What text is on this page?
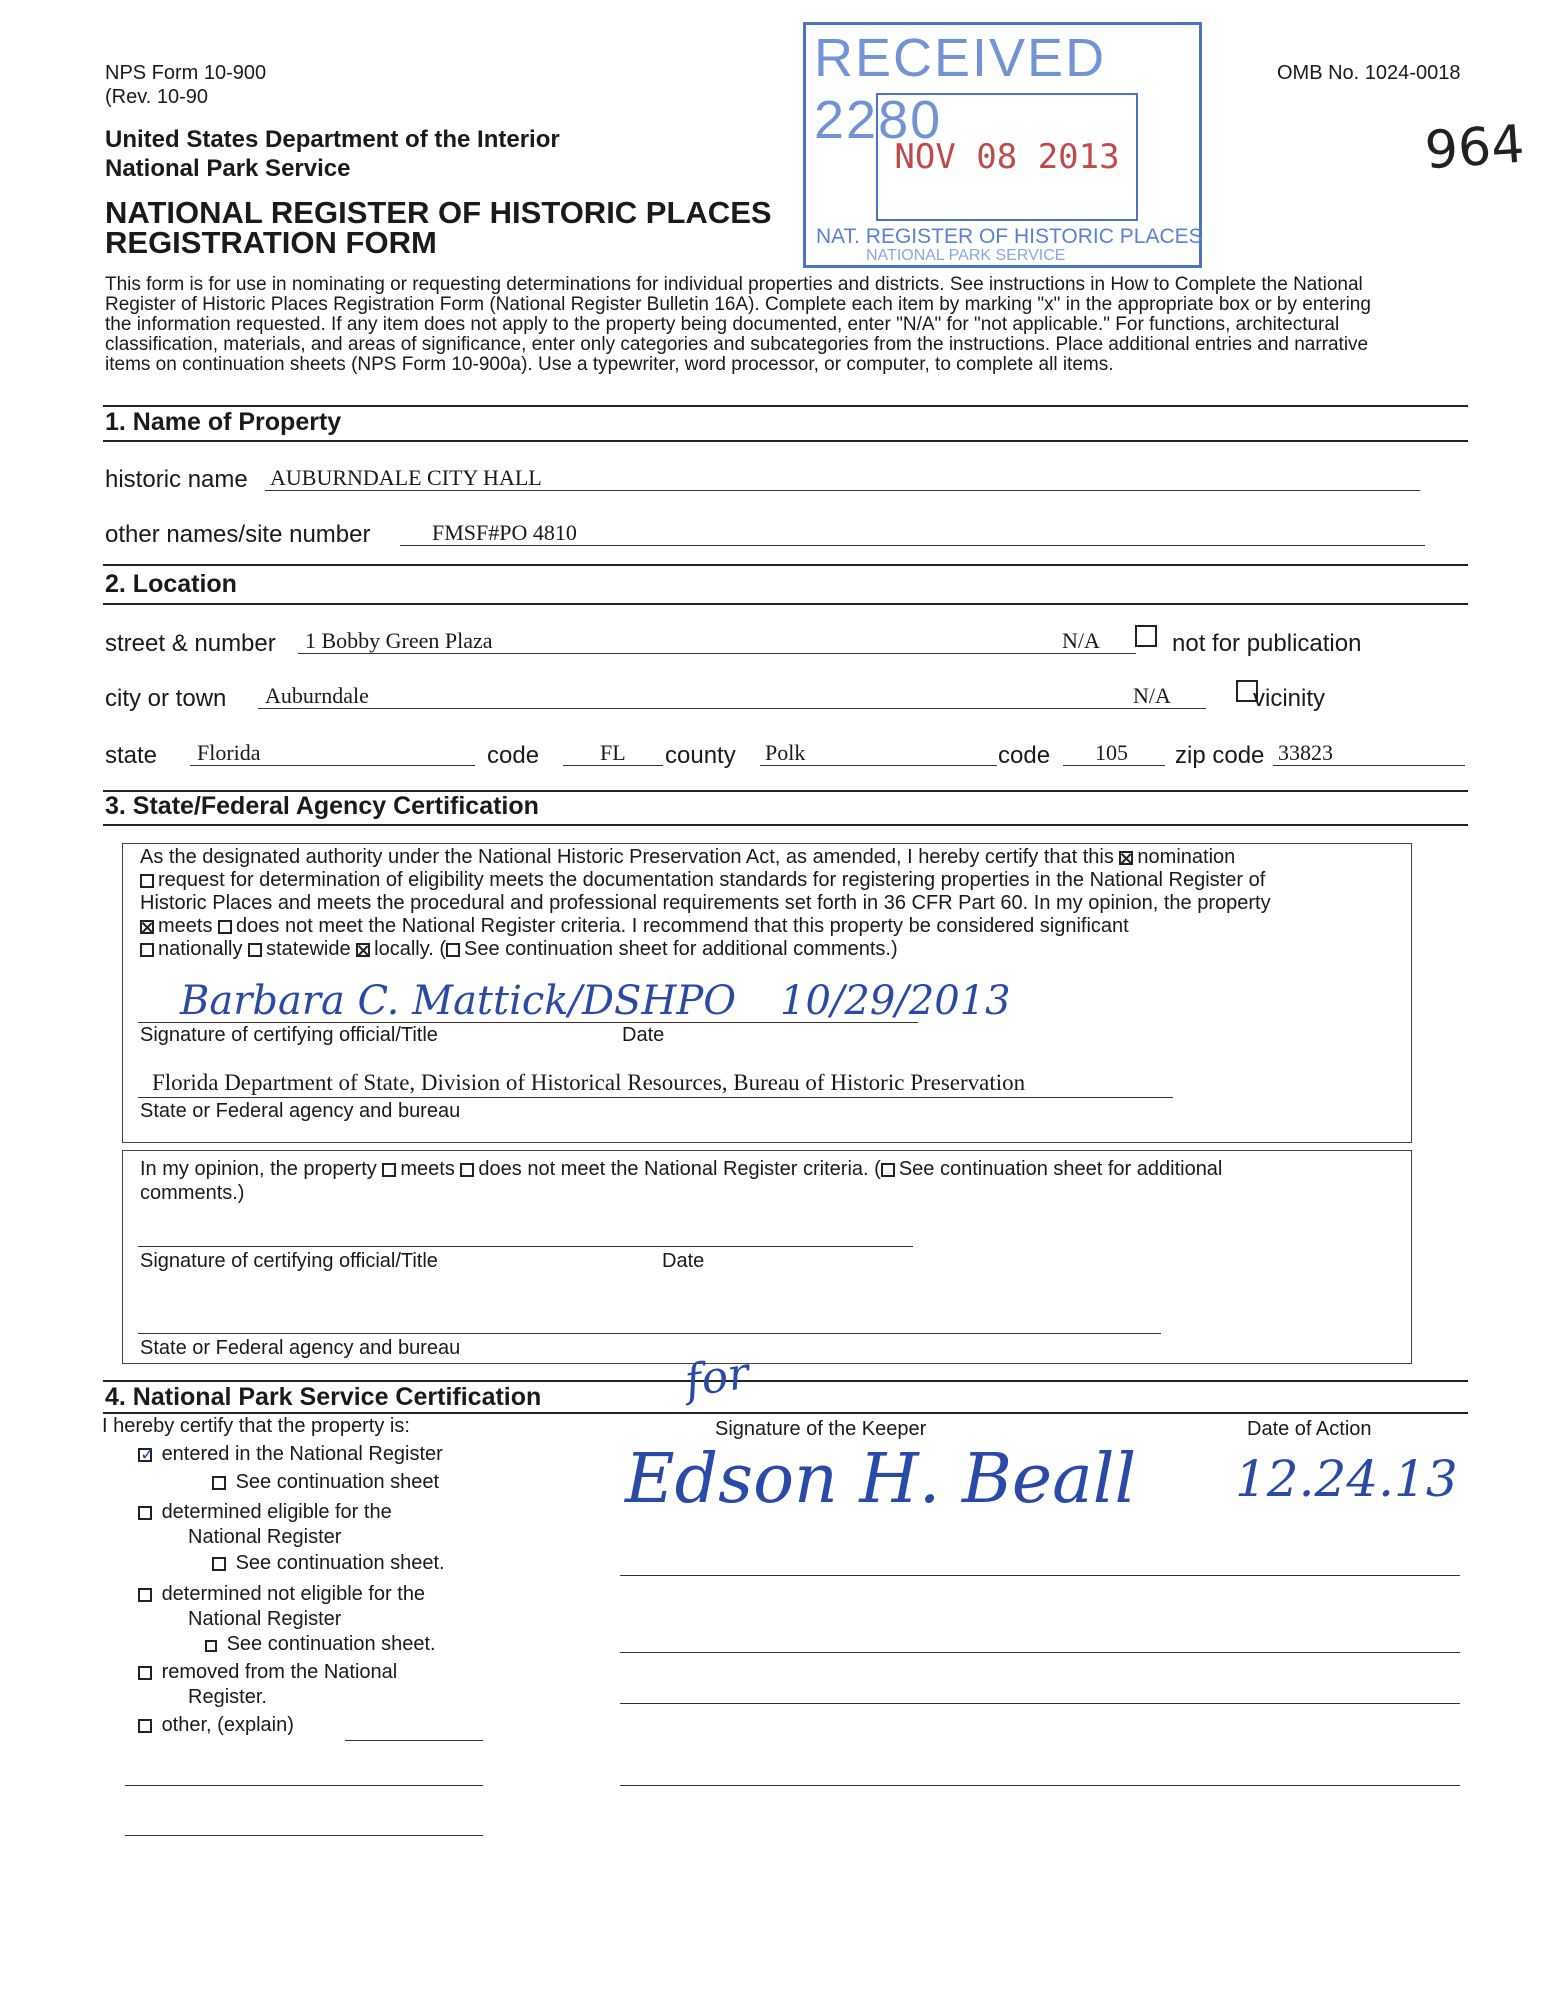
NPS Form 10-900
(Rev. 10-90
OMB No. 1024-0018
964
United States Department of the Interior
National Park Service
NATIONAL REGISTER OF HISTORIC PLACES
REGISTRATION FORM
RECEIVED 2280
NOV 08 2013
NAT. REGISTER OF HISTORIC PLACES
NATIONAL PARK SERVICE
This form is for use in nominating or requesting determinations for individual properties and districts. See instructions in How to Complete the National
Register of Historic Places Registration Form (National Register Bulletin 16A). Complete each item by marking "x" in the appropriate box or by entering
the information requested. If any item does not apply to the property being documented, enter "N/A" for "not applicable." For functions, architectural
classification, materials, and areas of significance, enter only categories and subcategories from the instructions. Place additional entries and narrative
items on continuation sheets (NPS Form 10-900a). Use a typewriter, word processor, or computer, to complete all items.
1. Name of Property
historic name AUBURNDALE CITY HALL
other names/site number	FMSF#PO 4810
2. Location
street & number 1 Bobby Green Plaza	N/A
	not for publication
city or town Auburndale	N/A	vicinity
state Florida	code	FL county Polk	code 105 zip code 33823
3. State/Federal Agency Certification
As the designated authority under the National Historic Preservation Act, as amended, I hereby certify that this nomination
request for determination of eligibility meets the documentation standards for registering properties in the National Register of
Historic Places and meets the procedural and professional requirements set forth in 36 CFR Part 60. In my opinion, the property
meets does not meet the National Register criteria. I recommend that this property be considered significant
nationally statewide locally. ( See continuation sheet for additional comments.)
Barbara C. Mattick/DSHPO 10/29/2013
Signature of certifying official/Title	Date
Florida Department of State, Division of Historical Resources, Bureau of Historic Preservation
State or Federal agency and bureau
In my opinion, the property meets does not meet the National Register criteria. ( See continuation sheet for additional
comments.)
Signature of certifying official/Title	Date
State or Federal agency and bureau
4. National Park Service Certification
I hereby certify that the property is:
✓ entered in the National Register
See continuation sheet
determined eligible for the
National Register
See continuation sheet.
determined not eligible for the
National Register
See continuation sheet.
removed from the National
Register.
other, (explain)
Signature of the Keeper	Date of Action
for
Edson H. Beall 12.24.13
